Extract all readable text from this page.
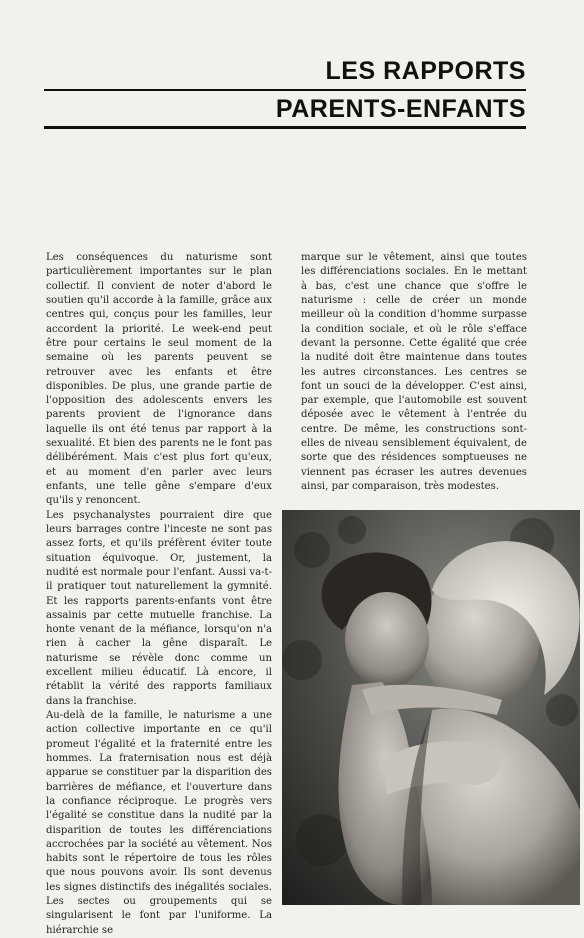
LES RAPPORTS
PARENTS-ENFANTS

Les conséquences du naturisme sont particulièrement importantes sur le plan collectif. Il convient de noter d'abord le soutien qu'il accorde à la famille, grâce aux centres qui, conçus pour les familles, leur accordent la priorité. Le week-end peut être pour certains le seul moment de la semaine où les parents peuvent se retrouver avec les enfants et être disponibles. De plus, une grande partie de l'opposition des adolescents envers les parents provient de l'ignorance dans laquelle ils ont été tenus par rapport à la sexualité. Et bien des parents ne le font pas délibérément. Mais c'est plus fort qu'eux, et au moment d'en parler avec leurs enfants, une telle gêne s'empare d'eux qu'ils y renoncent.

Les psychanalystes pourraient dire que leurs barrages contre l'inceste ne sont pas assez forts, et qu'ils préfèrent éviter toute situation équivoque. Or, justement, la nudité est normale pour l'enfant. Aussi va-t-il pratiquer tout naturellement la gymnité. Et les rapports parents-enfants vont être assainis par cette mutuelle franchise. La honte venant de la méfiance, lorsqu'on n'a rien à cacher la gêne disparaît. Le naturisme se révèle donc comme un excellent milieu éducatif. Là encore, il rétablit la vérité des rapports familiaux dans la franchise.

Au-delà de la famille, le naturisme a une action collective importante en ce qu'il promeut l'égalité et la fraternité entre les hommes. La fraternisation nous est déjà apparue se constituer par la disparition des barrières de méfiance, et l'ouverture dans la confiance réciproque. Le progrès vers l'égalité se constitue dans la nudité par la disparition de toutes les différenciations accrochées par la société au vêtement. Nos habits sont le répertoire de tous les rôles que nous pouvons avoir. Ils sont devenus les signes distinctifs des inégalités sociales. Les sectes ou groupements qui se singularisent le font par l'uniforme. La hiérarchie se

marque sur le vêtement, ainsi que toutes les différenciations sociales. En le mettant à bas, c'est une chance que s'offre le naturisme : celle de créer un monde meilleur où la condition d'homme surpasse la condition sociale, et où le rôle s'efface devant la personne. Cette égalité que crée la nudité doit être maintenue dans toutes les autres circonstances. Les centres se font un souci de la développer. C'est ainsi, par exemple, que l'automobile est souvent déposée avec le vêtement à l'entrée du centre. De même, les constructions sont-elles de niveau sensiblement équivalent, de sorte que des résidences somptueuses ne viennent pas écraser les autres devenues ainsi, par comparaison, très modestes.
